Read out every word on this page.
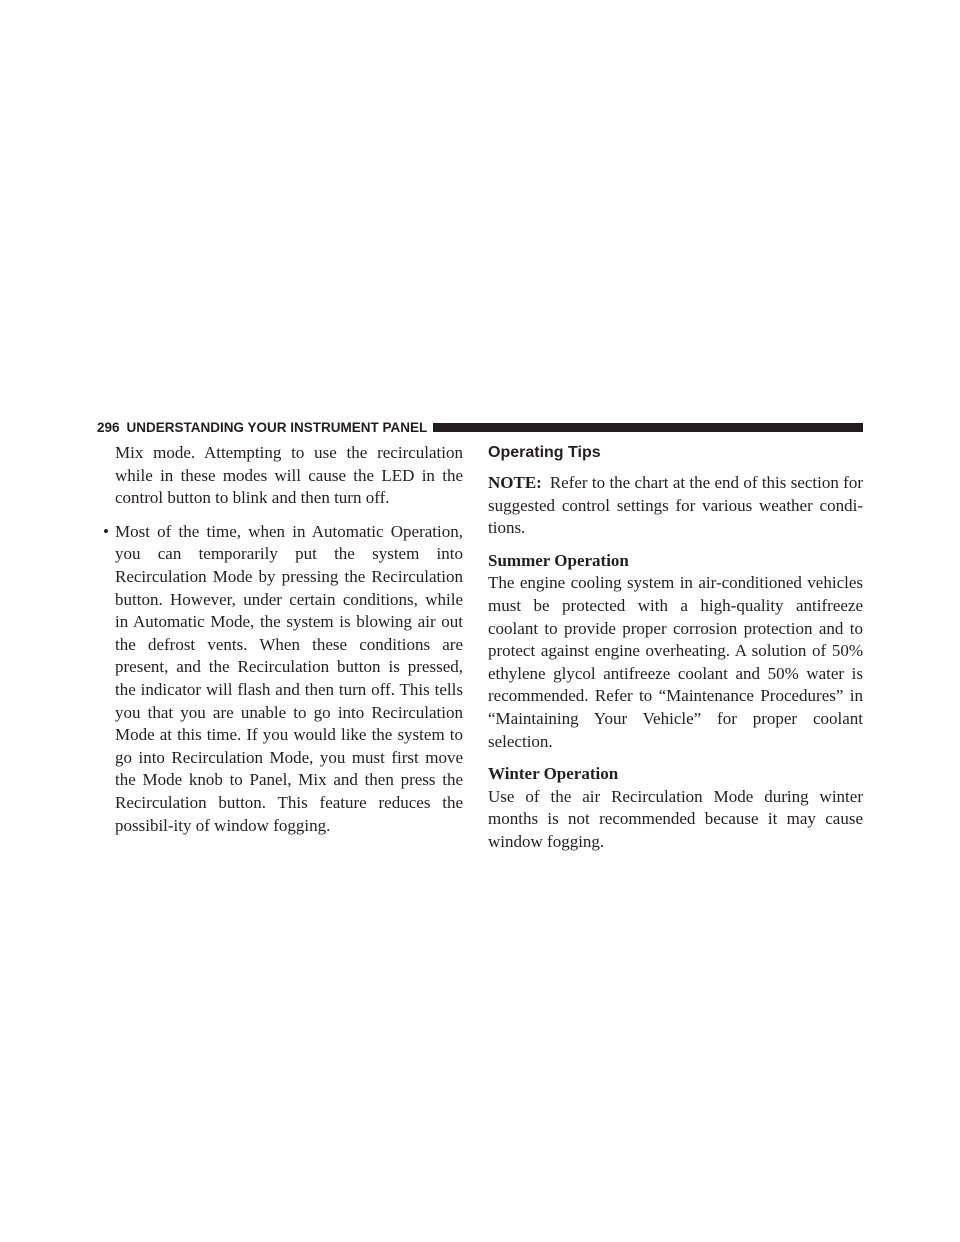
296 UNDERSTANDING YOUR INSTRUMENT PANEL

Mix mode. Attempting to use the recirculation while in these modes will cause the LED in the control button to blink and then turn off.

• Most of the time, when in Automatic Operation, you can temporarily put the system into Recirculation Mode by pressing the Recirculation button. However, under certain conditions, while in Automatic Mode, the system is blowing air out the defrost vents. When these conditions are present, and the Recirculation button is pressed, the indicator will flash and then turn off. This tells you that you are unable to go into Recirculation Mode at this time. If you would like the system to go into Recirculation Mode, you must first move the Mode knob to Panel, Mix and then press the Recirculation button. This feature reduces the possibil-ity of window fogging.

Operating Tips

NOTE: Refer to the chart at the end of this section for suggested control settings for various weather condi-tions.

Summer Operation

The engine cooling system in air-conditioned vehicles must be protected with a high-quality antifreeze coolant to provide proper corrosion protection and to protect against engine overheating. A solution of 50% ethylene glycol antifreeze coolant and 50% water is recommended. Refer to “Maintenance Procedures” in “Maintaining Your Vehicle” for proper coolant selection.

Winter Operation

Use of the air Recirculation Mode during winter months is not recommended because it may cause window fogging.
